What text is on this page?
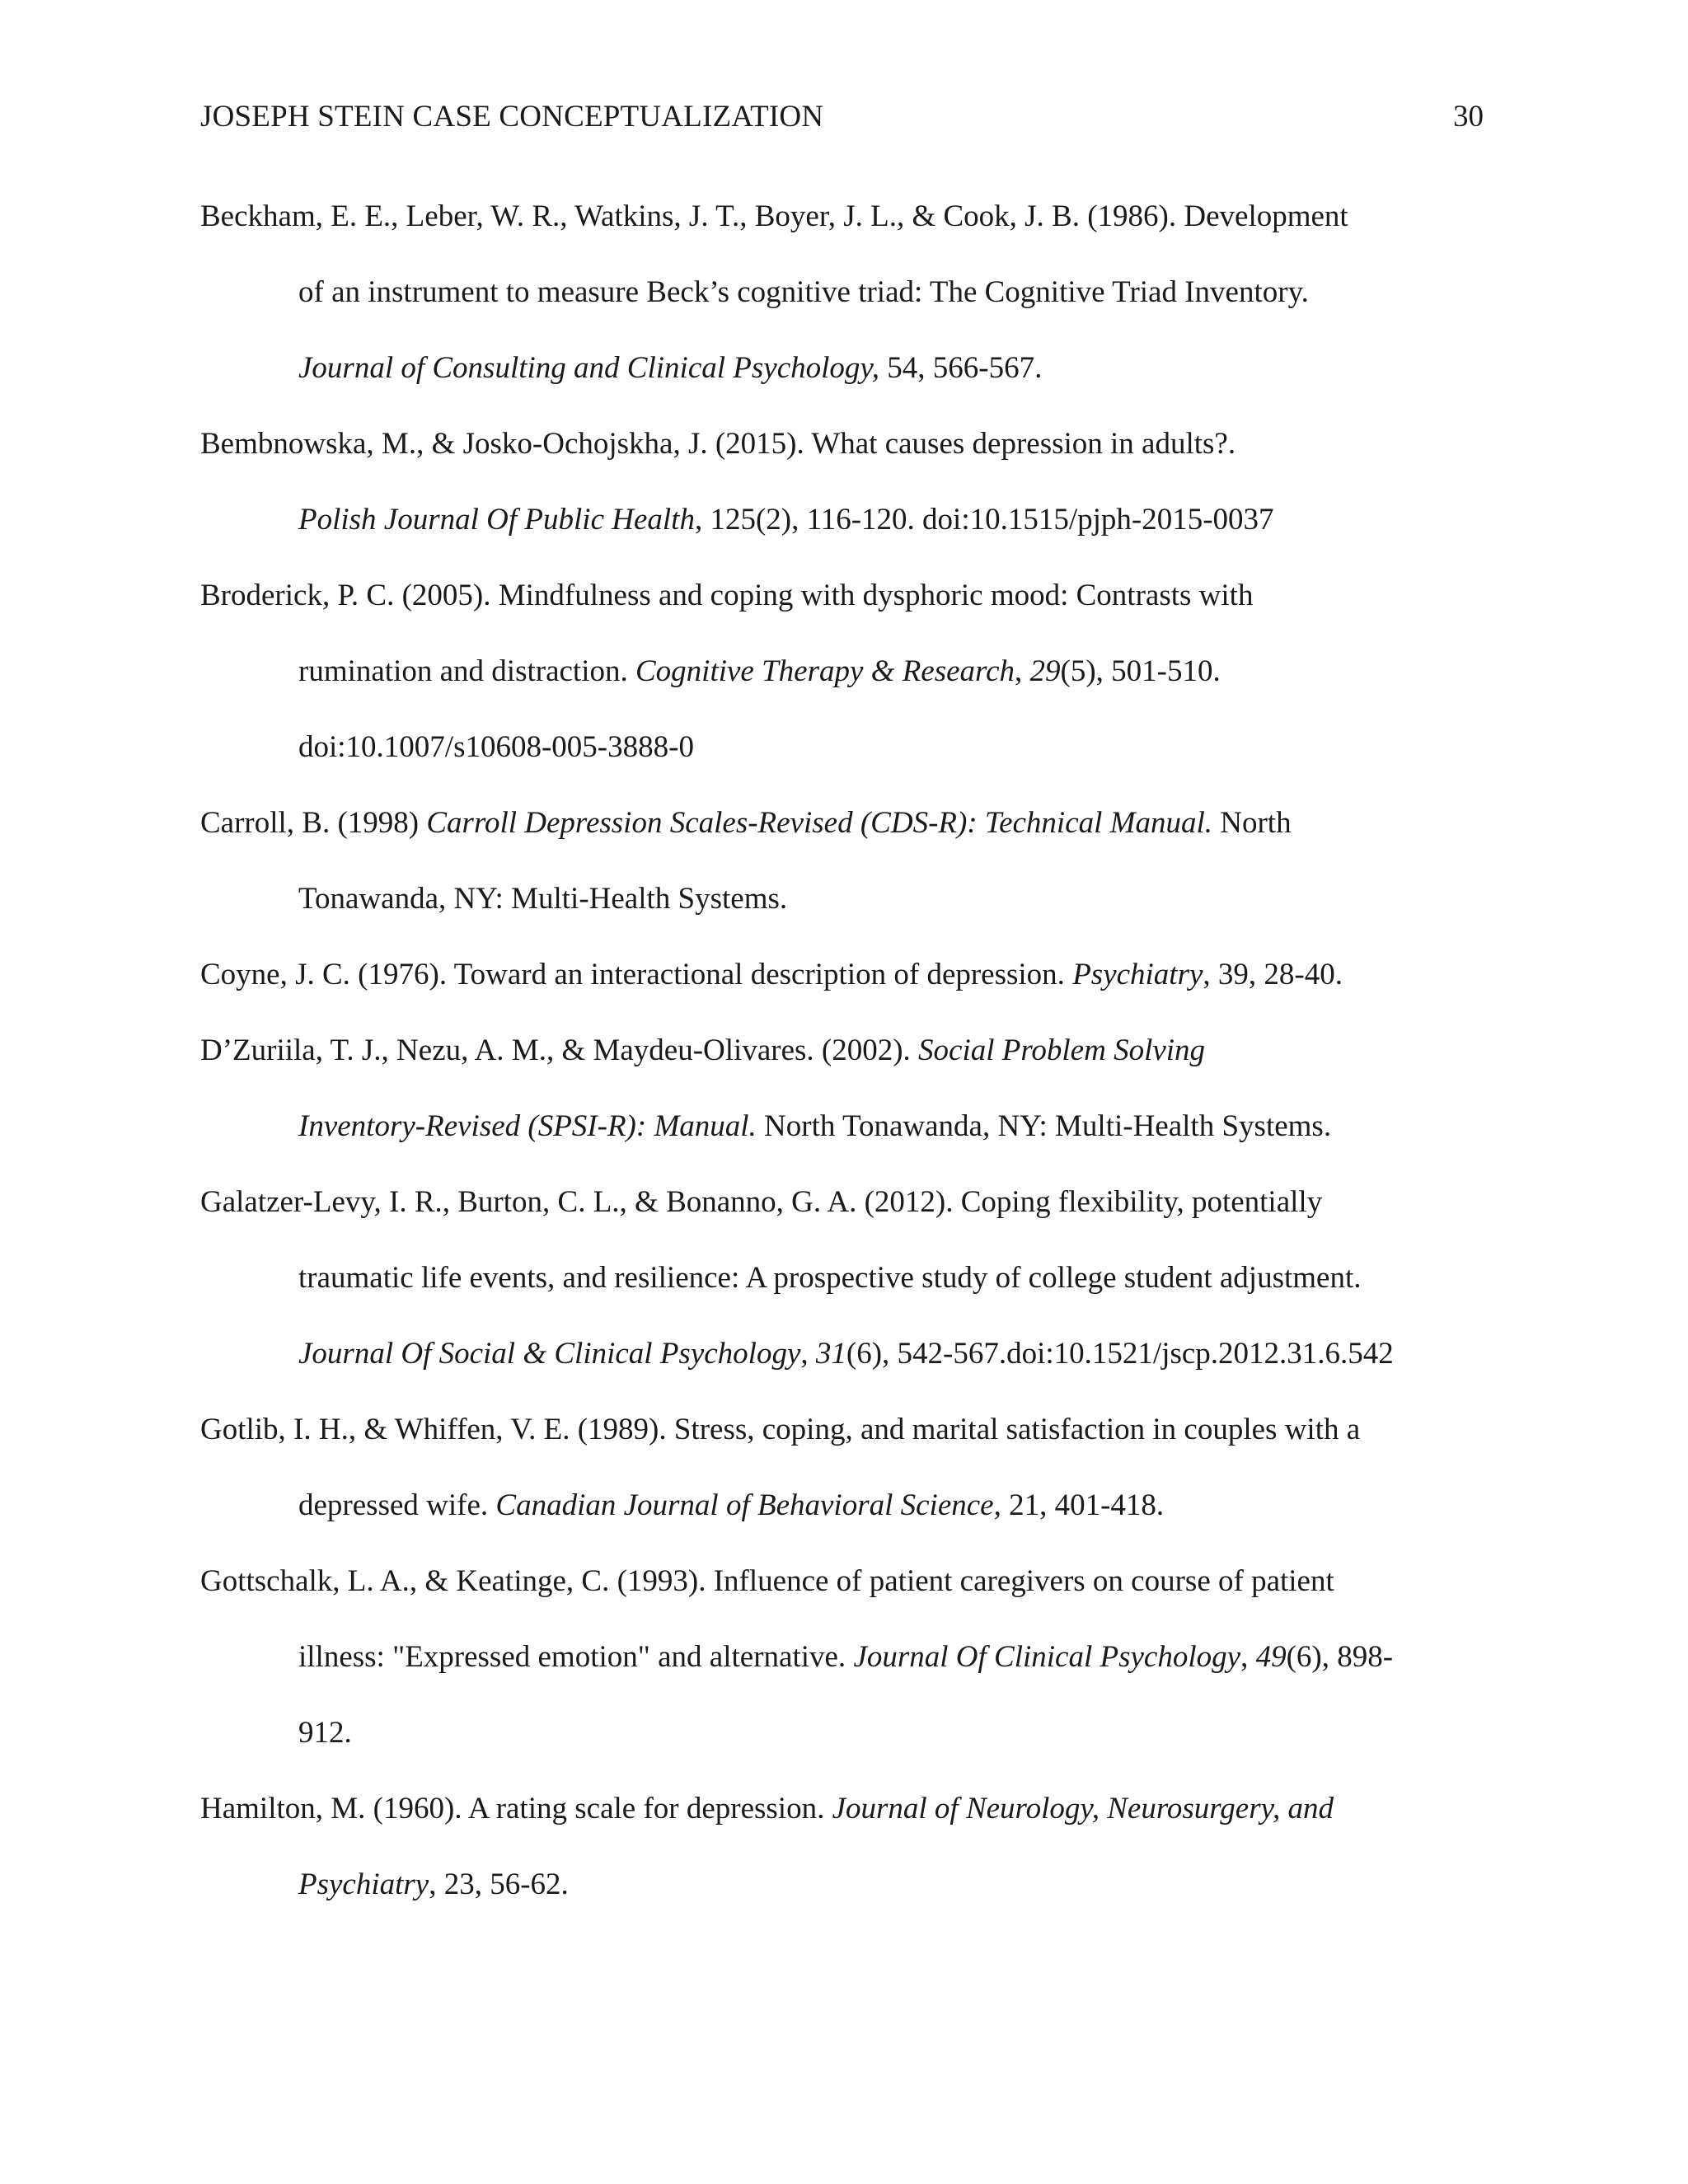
JOSEPH STEIN CASE CONCEPTUALIZATION	30
Beckham, E. E., Leber, W. R., Watkins, J. T., Boyer, J. L., & Cook, J. B. (1986). Development
of an instrument to measure Beck’s cognitive triad: The Cognitive Triad Inventory.
Journal of Consulting and Clinical Psychology, 54, 566-567.
Bembnowska, M., & Josko-Ochojskha, J. (2015). What causes depression in adults?.
Polish Journal Of Public Health, 125(2), 116-120. doi:10.1515/pjph-2015-0037
Broderick, P. C. (2005). Mindfulness and coping with dysphoric mood: Contrasts with
rumination and distraction. Cognitive Therapy & Research, 29(5), 501-510.
doi:10.1007/s10608-005-3888-0
Carroll, B. (1998) Carroll Depression Scales-Revised (CDS-R): Technical Manual. North
Tonawanda, NY: Multi-Health Systems.
Coyne, J. C. (1976). Toward an interactional description of depression. Psychiatry, 39, 28-40.
D’Zuriila, T. J., Nezu, A. M., & Maydeu-Olivares. (2002). Social Problem Solving
Inventory-Revised (SPSI-R): Manual. North Tonawanda, NY: Multi-Health Systems.
Galatzer-Levy, I. R., Burton, C. L., & Bonanno, G. A. (2012). Coping flexibility, potentially
traumatic life events, and resilience: A prospective study of college student adjustment.
Journal Of Social & Clinical Psychology, 31(6), 542-567.doi:10.1521/jscp.2012.31.6.542
Gotlib, I. H., & Whiffen, V. E. (1989). Stress, coping, and marital satisfaction in couples with a
depressed wife. Canadian Journal of Behavioral Science, 21, 401-418.
Gottschalk, L. A., & Keatinge, C. (1993). Influence of patient caregivers on course of patient
illness: "Expressed emotion" and alternative. Journal Of Clinical Psychology, 49(6), 898-
912.
Hamilton, M. (1960). A rating scale for depression. Journal of Neurology, Neurosurgery, and
Psychiatry, 23, 56-62.
